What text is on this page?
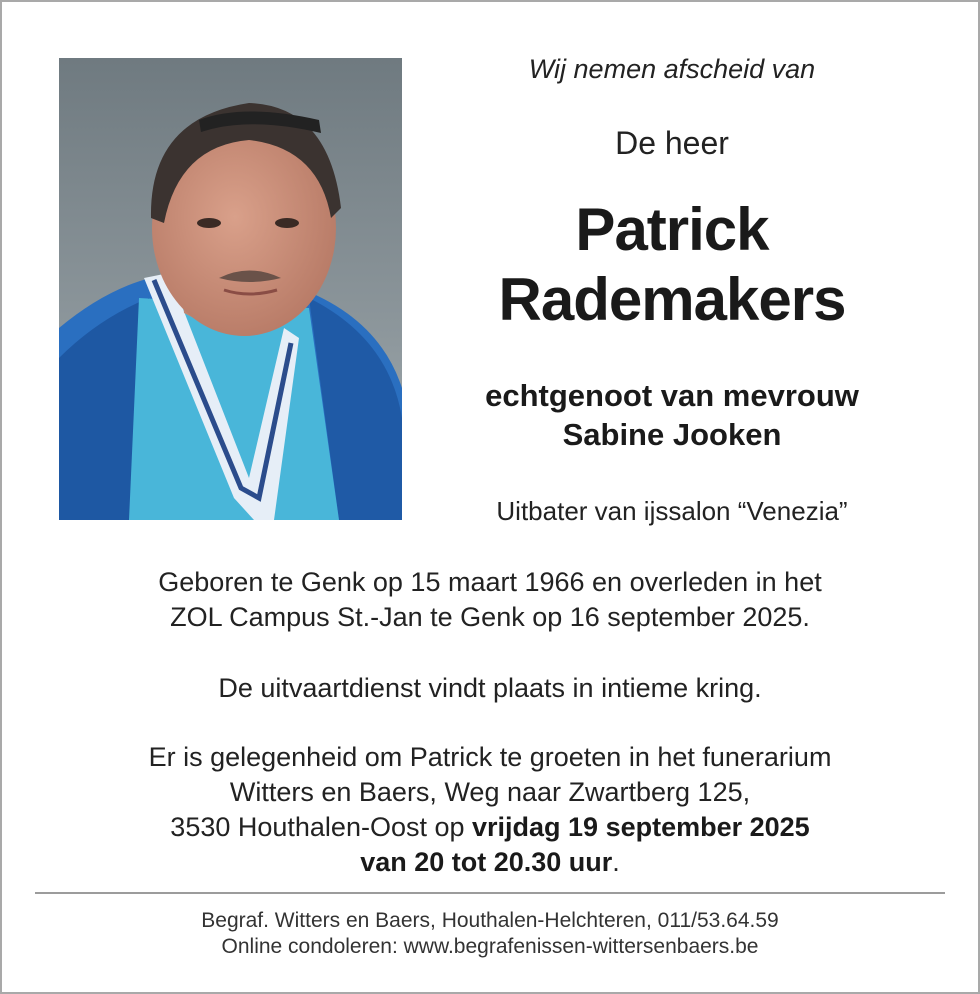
Wij nemen afscheid van
De heer
Patrick
Rademakers
echtgenoot van mevrouw
Sabine Jooken
Uitbater van ijssalon “Venezia”
Geboren te Genk op 15 maart 1966 en overleden in het
ZOL Campus St.-Jan te Genk op 16 september 2025.
De uitvaartdienst vindt plaats in intieme kring.
Er is gelegenheid om Patrick te groeten in het funerarium
Witters en Baers, Weg naar Zwartberg 125,
3530 Houthalen-Oost op vrijdag 19 september 2025
van 20 tot 20.30 uur.
Begraf. Witters en Baers, Houthalen-Helchteren, 011/53.64.59
Online condoleren: www.begrafenissen-wittersenbaers.be
